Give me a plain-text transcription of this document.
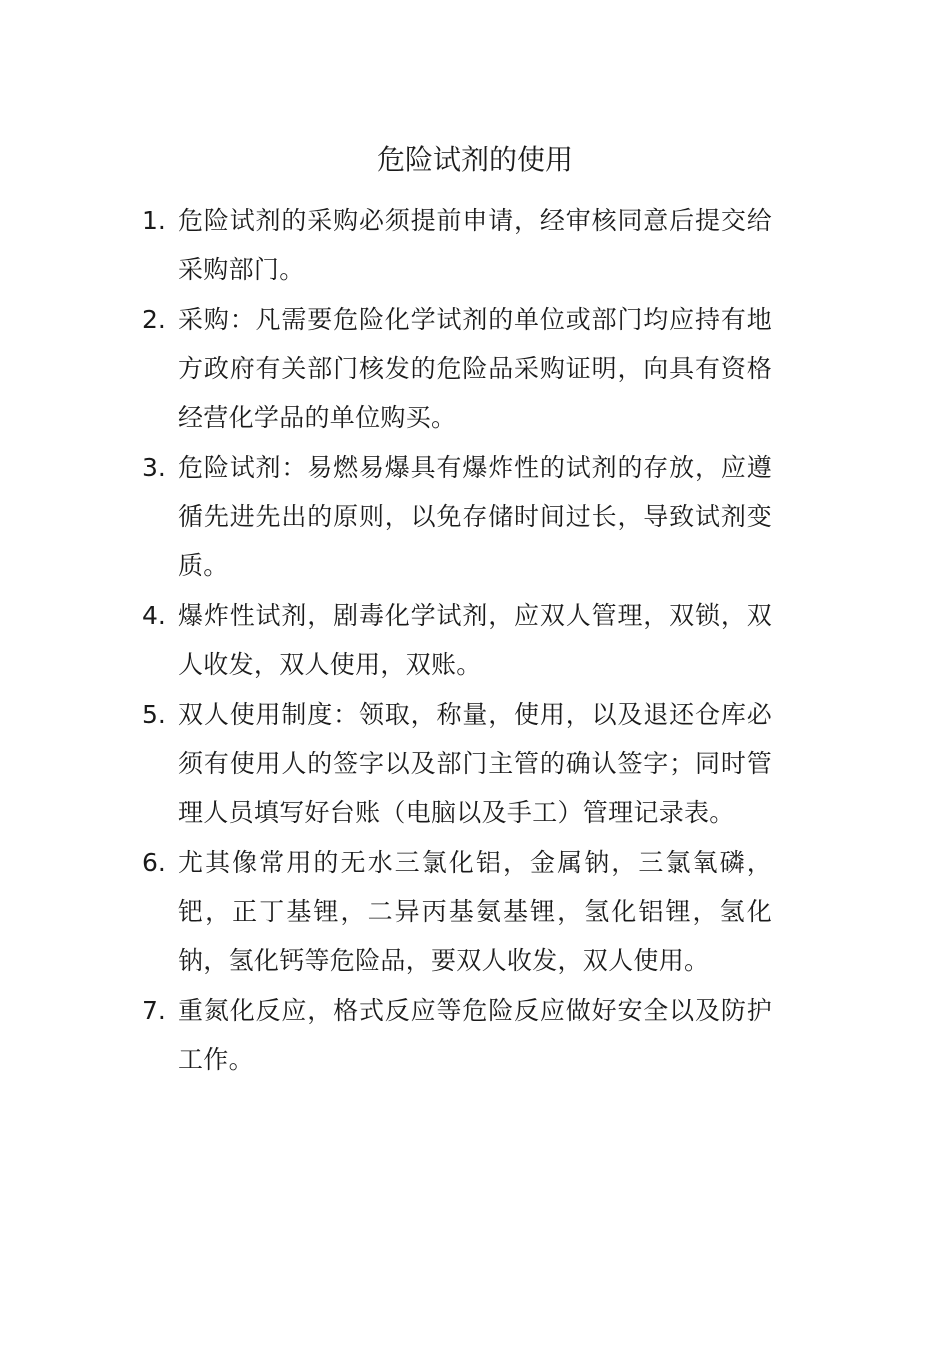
危险试剂的使用
1. 危险试剂的采购必须提前申请，经审核同意后提交给采购部门。
2. 采购：凡需要危险化学试剂的单位或部门均应持有地方政府有关部门核发的危险品采购证明，向具有资格经营化学品的单位购买。
3. 危险试剂：易燃易爆具有爆炸性的试剂的存放，应遵循先进先出的原则，以免存储时间过长，导致试剂变质。
4. 爆炸性试剂，剧毒化学试剂，应双人管理，双锁，双人收发，双人使用，双账。
5. 双人使用制度：领取，称量，使用，以及退还仓库必须有使用人的签字以及部门主管的确认签字；同时管理人员填写好台账（电脑以及手工）管理记录表。
6. 尤其像常用的无水三氯化铝，金属钠，三氯氧磷，钯，正丁基锂，二异丙基氨基锂，氢化铝锂，氢化钠，氢化钙等危险品，要双人收发，双人使用。
7. 重氮化反应，格式反应等危险反应做好安全以及防护工作。
